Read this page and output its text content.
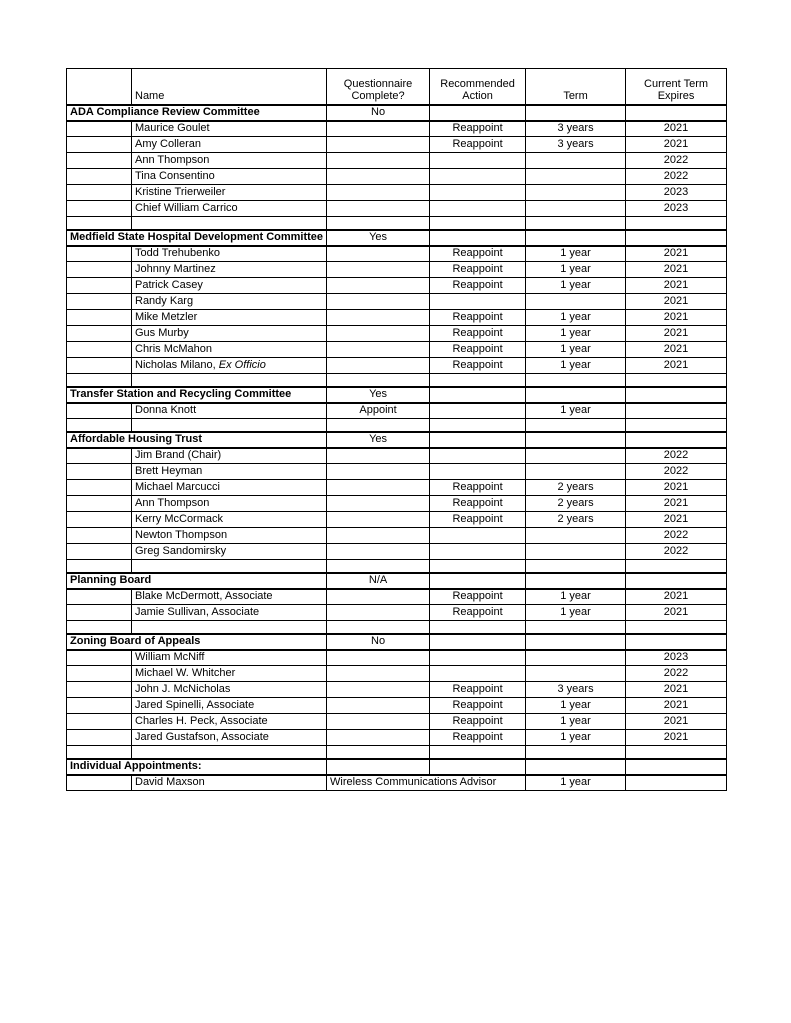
	Name	Questionnaire Complete?	Recommended Action	Term	Current Term Expires
ADA Compliance Review Committee		No			
	Maurice Goulet		Reappoint	3 years	2021
	Amy Colleran		Reappoint	3 years	2021
	Ann Thompson				2022
	Tina Consentino				2022
	Kristine Trierweiler				2023
	Chief William Carrico				2023

Medfield State Hospital Development Committee		Yes			
	Todd Trehubenko		Reappoint	1 year	2021
	Johnny Martinez		Reappoint	1 year	2021
	Patrick Casey		Reappoint	1 year	2021
	Randy Karg				2021
	Mike Metzler		Reappoint	1 year	2021
	Gus Murby		Reappoint	1 year	2021
	Chris McMahon		Reappoint	1 year	2021
	Nicholas Milano, Ex Officio		Reappoint	1 year	2021

Transfer Station and Recycling Committee		Yes			
	Donna Knott	Appoint		1 year	

Affordable Housing Trust		Yes			
	Jim Brand (Chair)				2022
	Brett Heyman				2022
	Michael Marcucci		Reappoint	2 years	2021
	Ann Thompson		Reappoint	2 years	2021
	Kerry McCormack		Reappoint	2 years	2021
	Newton Thompson				2022
	Greg Sandomirsky				2022

Planning Board		N/A			
	Blake McDermott, Associate		Reappoint	1 year	2021
	Jamie Sullivan, Associate		Reappoint	1 year	2021

Zoning Board of Appeals		No			
	William McNiff				2023
	Michael W. Whitcher				2022
	John J. McNicholas		Reappoint	3 years	2021
	Jared Spinelli, Associate		Reappoint	1 year	2021
	Charles H. Peck, Associate		Reappoint	1 year	2021
	Jared Gustafson, Associate		Reappoint	1 year	2021

Individual Appointments:					
	David Maxson	Wireless Communications Advisor		1 year	
